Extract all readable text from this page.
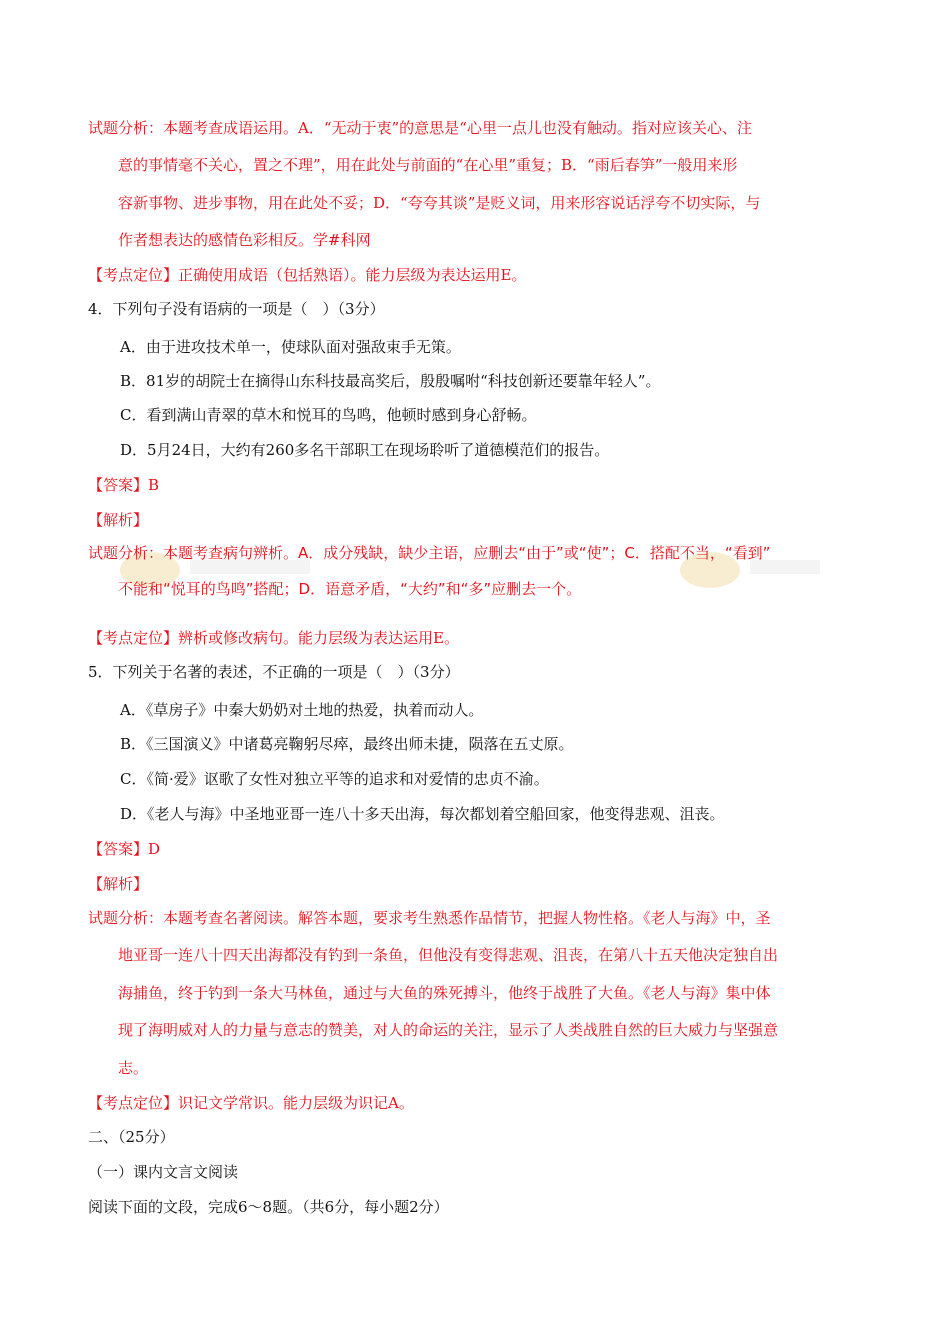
试题分析：本题考查成语运用。A．“无动于衷”的意思是“心里一点儿也没有触动。指对应该关心、注
意的事情毫不关心，置之不理”，用在此处与前面的“在心里”重复；B．“雨后春笋”一般用来形
容新事物、进步事物，用在此处不妥；D．“夸夸其谈”是贬义词，用来形容说话浮夸不切实际，与
作者想表达的感情色彩相反。学#科网
【考点定位】正确使用成语（包括熟语）。能力层级为表达运用E。
4．下列句子没有语病的一项是（　）（3分）
A．由于进攻技术单一，使球队面对强敌束手无策。
B．81岁的胡院士在摘得山东科技最高奖后，殷殷嘱咐“科技创新还要靠年轻人”。
C．看到满山青翠的草木和悦耳的鸟鸣，他顿时感到身心舒畅。
D．5月24日，大约有260多名干部职工在现场聆听了道德模范们的报告。
【答案】B
【解析】
试题分析：本题考查病句辨析。A．成分残缺，缺少主语，应删去“由于”或“使”；C．搭配不当，“看到”
不能和“悦耳的鸟鸣”搭配；D．语意矛盾，“大约”和“多”应删去一个。
【考点定位】辨析或修改病句。能力层级为表达运用E。
5．下列关于名著的表述，不正确的一项是（　）（3分）
A．《草房子》中秦大奶奶对土地的热爱，执着而动人。
B．《三国演义》中诸葛亮鞠躬尽瘁，最终出师未捷，陨落在五丈原。
C．《简·爱》讴歌了女性对独立平等的追求和对爱情的忠贞不渝。
D．《老人与海》中圣地亚哥一连八十多天出海，每次都划着空船回家，他变得悲观、沮丧。
【答案】D
【解析】
试题分析：本题考查名著阅读。解答本题，要求考生熟悉作品情节，把握人物性格。《老人与海》中，圣
地亚哥一连八十四天出海都没有钓到一条鱼，但他没有变得悲观、沮丧，在第八十五天他决定独自出
海捕鱼，终于钓到一条大马林鱼，通过与大鱼的殊死搏斗，他终于战胜了大鱼。《老人与海》集中体
现了海明威对人的力量与意志的赞美，对人的命运的关注，显示了人类战胜自然的巨大威力与坚强意
志。
【考点定位】识记文学常识。能力层级为识记A。
二、（25分）
（一）课内文言文阅读
阅读下面的文段，完成6～8题。（共6分，每小题2分）
